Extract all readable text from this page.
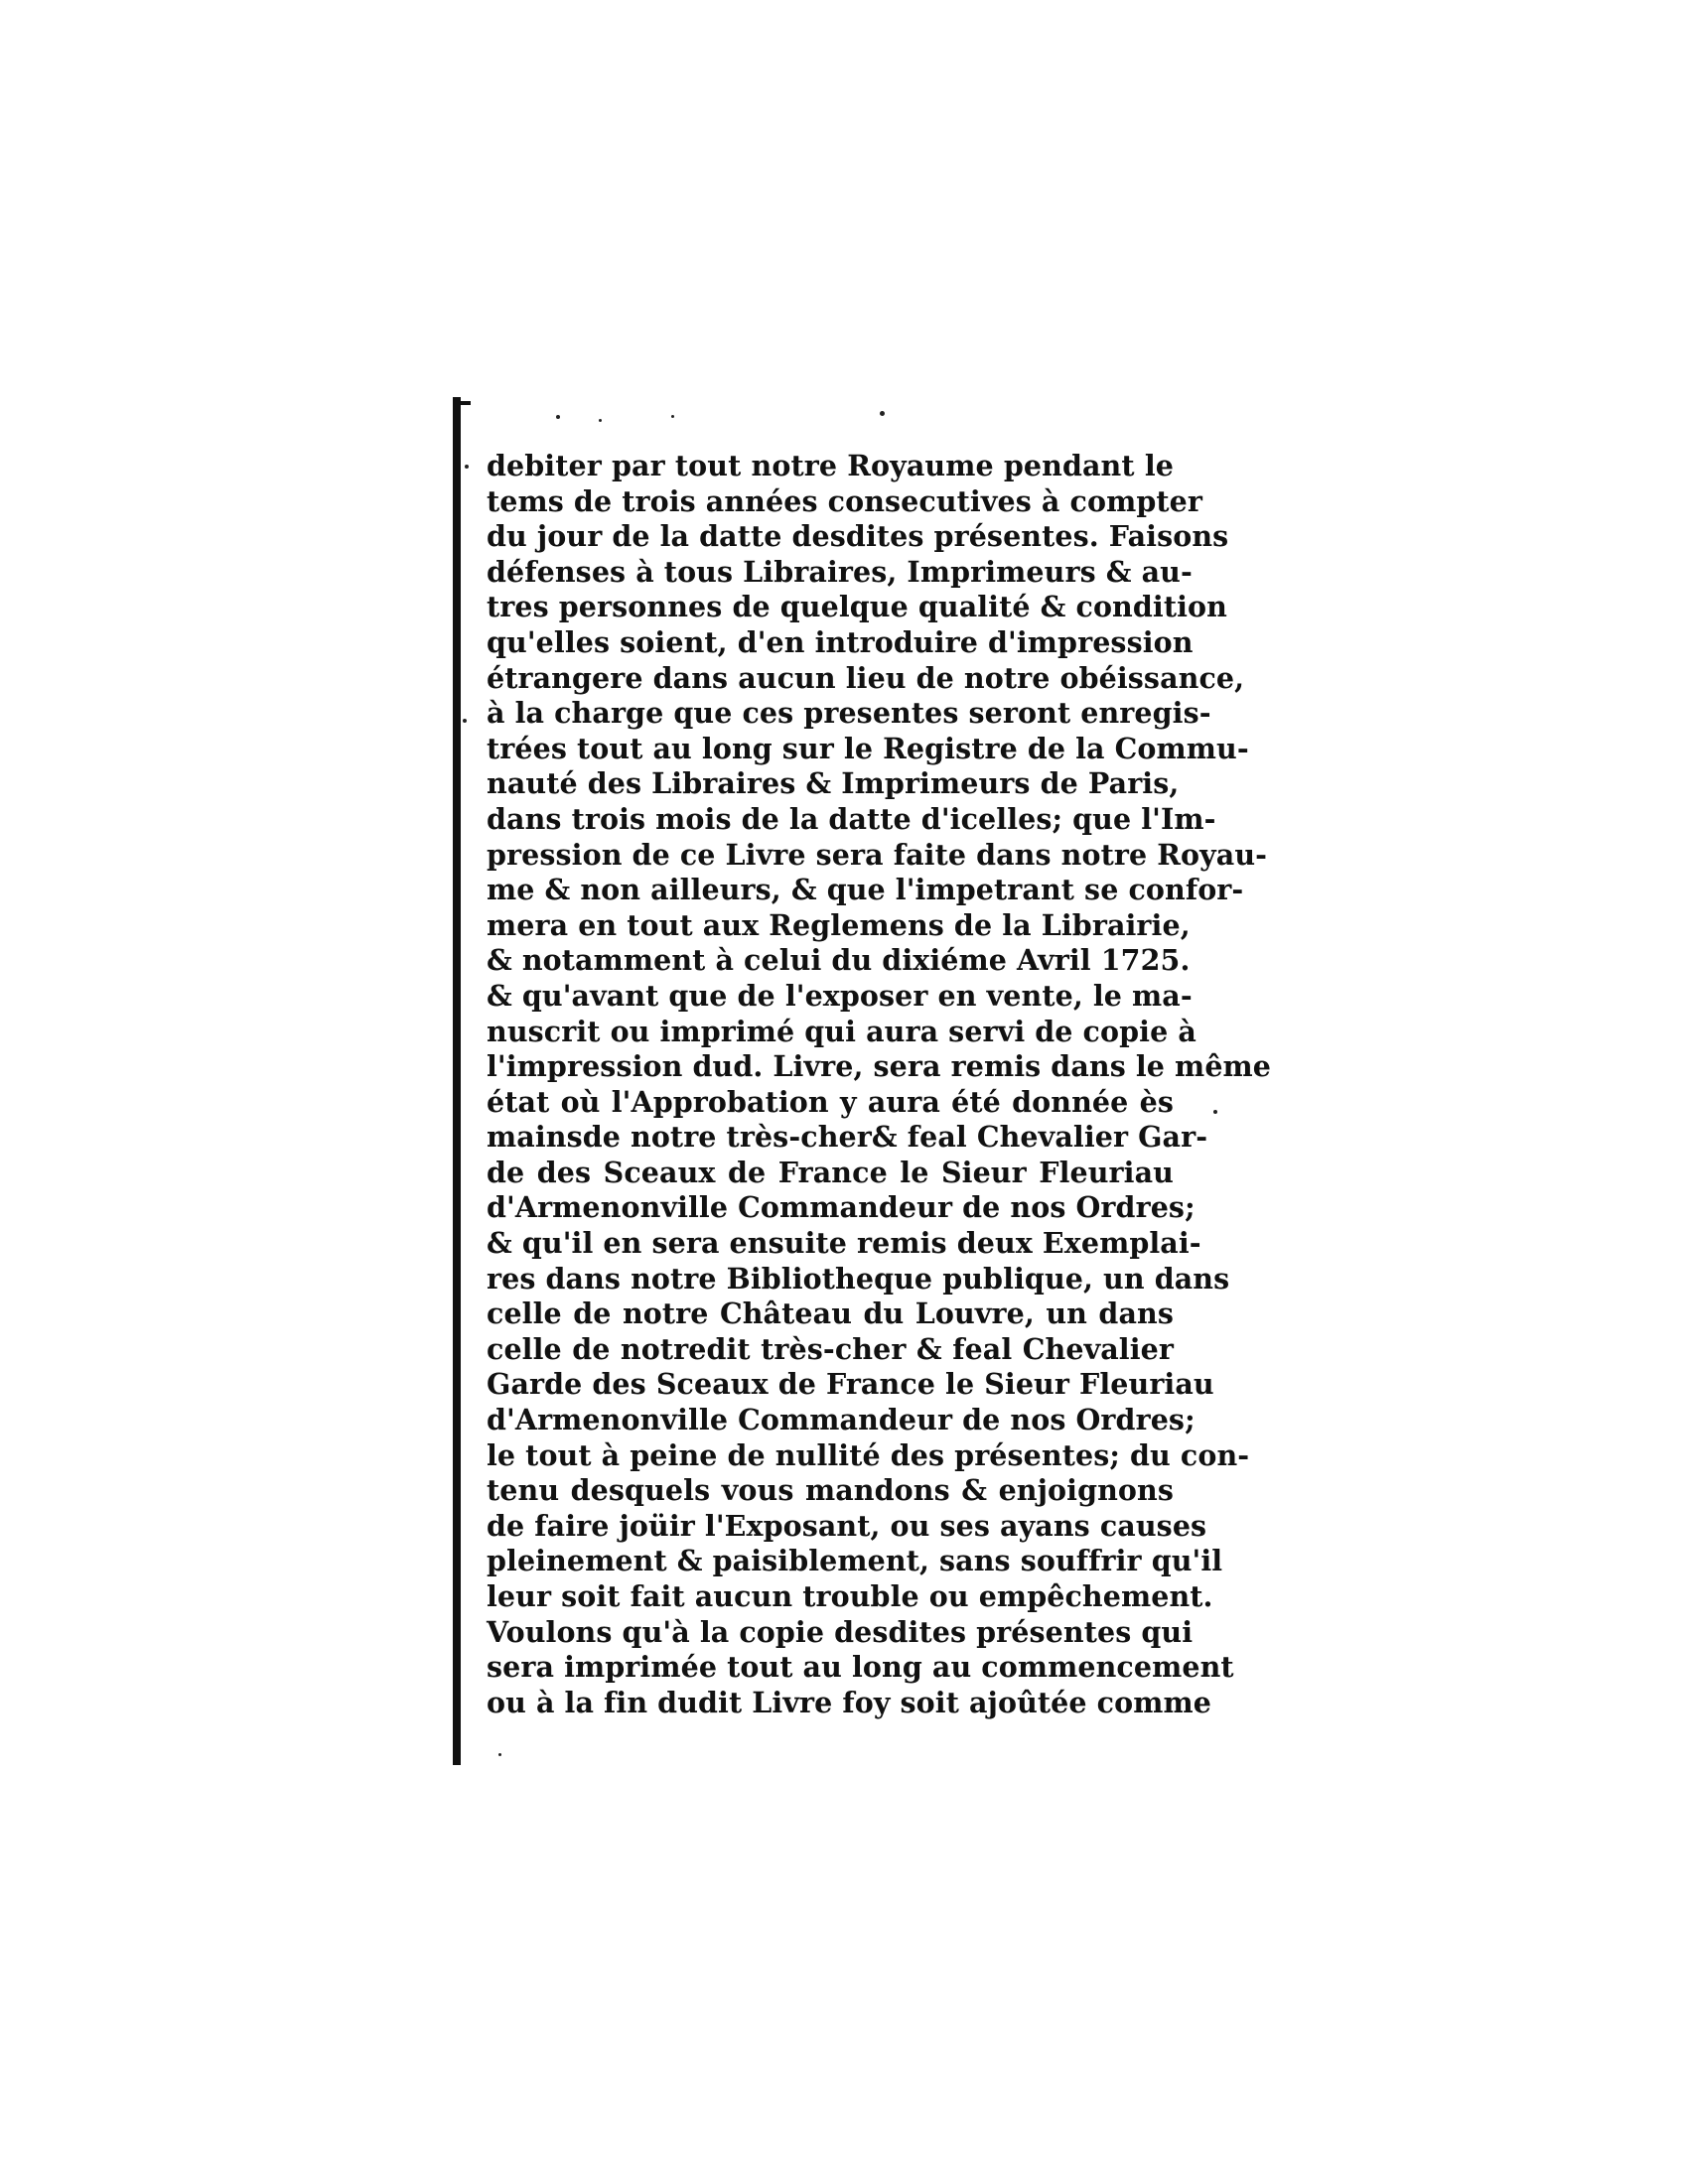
debiter par tout notre Royaume pendant le
tems de trois années consecutives à compter
du jour de la datte desdites présentes. Faisons
défenses à tous Libraires, Imprimeurs & au-
tres personnes de quelque qualité & condition
qu'elles soient, d'en introduire d'impression
étrangere dans aucun lieu de notre obéissance,
à la charge que ces presentes seront enregis-
trées tout au long sur le Registre de la Commu-
nauté des Libraires & Imprimeurs de Paris,
dans trois mois de la datte d'icelles; que l'Im-
pression de ce Livre sera faite dans notre Royau-
me & non ailleurs, & que l'impetrant se confor-
mera en tout aux Reglemens de la Librairie,
& notamment à celui du dixiéme Avril 1725.
& qu'avant que de l'exposer en vente, le ma-
nuscrit ou imprimé qui aura servi de copie à
l'impression dud. Livre, sera remis dans le même
état où l'Approbation y aura été donnée ès
mainsde notre très-cher& feal Chevalier Gar-
de des Sceaux de France le Sieur Fleuriau
d'Armenonville Commandeur de nos Ordres;
& qu'il en sera ensuite remis deux Exemplai-
res dans notre Bibliotheque publique, un dans
celle de notre Château du Louvre, un dans
celle de notredit très-cher & feal Chevalier
Garde des Sceaux de France le Sieur Fleuriau
d'Armenonville Commandeur de nos Ordres;
le tout à peine de nullité des présentes; du con-
tenu desquels vous mandons & enjoignons
de faire joüir l'Exposant, ou ses ayans causes
pleinement & paisiblement, sans souffrir qu'il
leur soit fait aucun trouble ou empêchement.
Voulons qu'à la copie desdites présentes qui
sera imprimée tout au long au commencement
ou à la fin dudit Livre foy soit ajoûtée comme
